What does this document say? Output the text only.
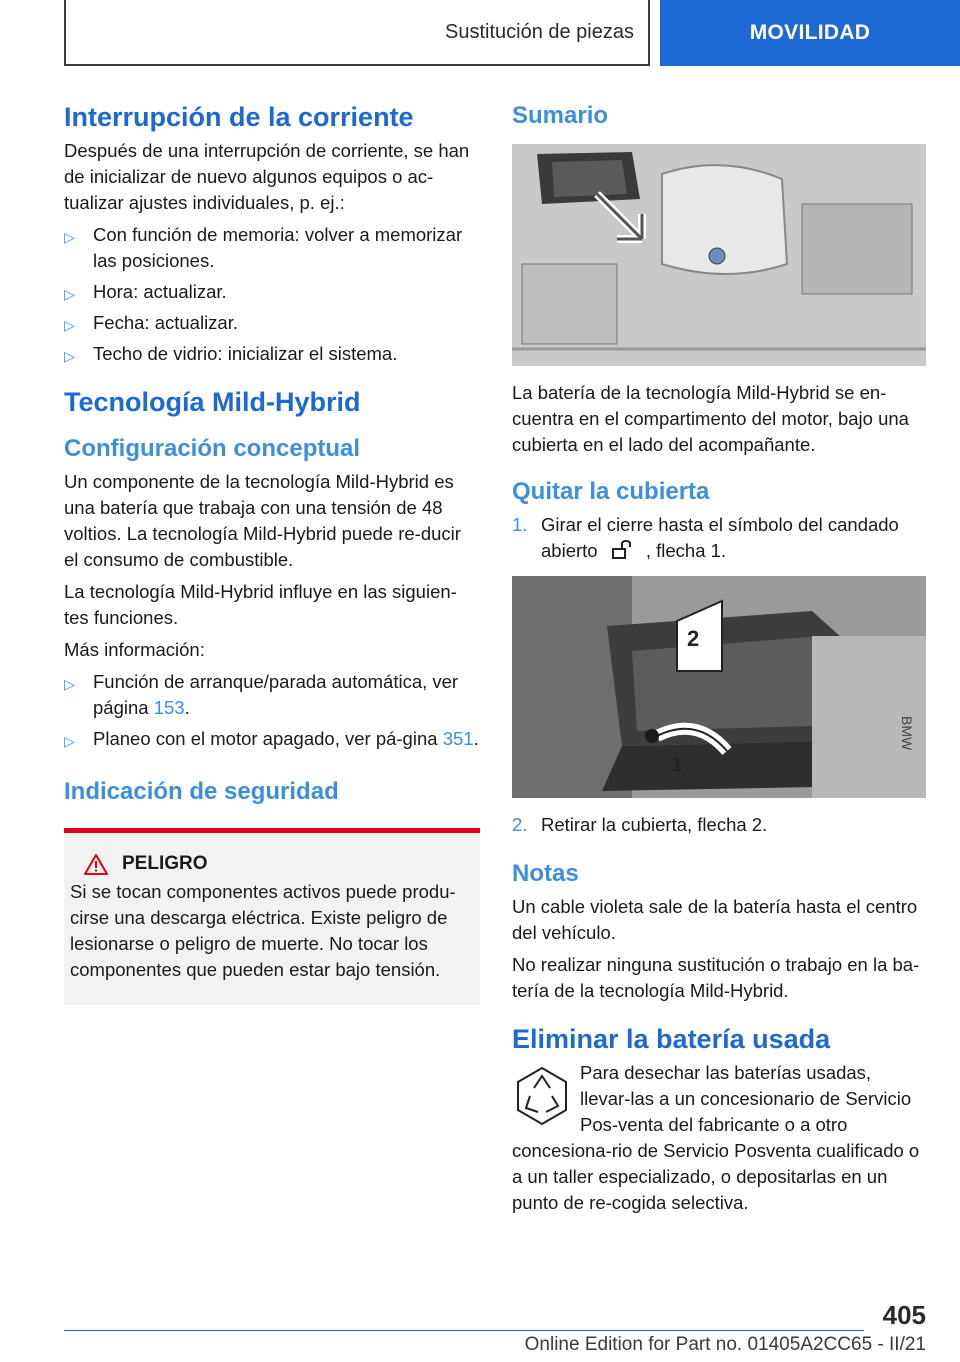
Sustitución de piezas	MOVILIDAD
Interrupción de la corriente

Después de una interrupción de corriente, se han de inicializar de nuevo algunos equipos o ac-tualizar ajustes individuales, p. ej.:

▷ Con función de memoria: volver a memorizar las posiciones.
▷ Hora: actualizar.
▷ Fecha: actualizar.
▷ Techo de vidrio: inicializar el sistema.
Tecnología Mild-Hybrid
Configuración conceptual

Un componente de la tecnología Mild-Hybrid es una batería que trabaja con una tensión de 48 voltios. La tecnología Mild-Hybrid puede re-ducir el consumo de combustible.

La tecnología Mild-Hybrid influye en las siguien-tes funciones.

Más información:

▷ Función de arranque/parada automática, ver página 153.
▷ Planeo con el motor apagado, ver pá-gina 351.
Indicación de seguridad
PELIGRO

Si se tocan componentes activos puede produ-cirse una descarga eléctrica. Existe peligro de lesionarse o peligro de muerte. No tocar los componentes que pueden estar bajo tensión.

Sumario

La batería de la tecnología Mild-Hybrid se en-cuentra en el compartimento del motor, bajo una cubierta en el lado del acompañante.

Quitar la cubierta
1. Girar el cierre hasta el símbolo del candado abierto	, flecha 1.
BMW
2
1
2. Retirar la cubierta, flecha 2.
Notas

Un cable violeta sale de la batería hasta el centro del vehículo.

No realizar ninguna sustitución o trabajo en la ba-tería de la tecnología Mild-Hybrid.

Eliminar la batería usada

Para desechar las baterías usadas, llevar-las a un concesionario de Servicio Pos-venta del fabricante o a otro concesiona-rio de Servicio Posventa cualificado o a un taller especializado, o depositarlas en un punto de re-cogida selectiva.

405
Online Edition for Part no. 01405A2CC65 - II/21
